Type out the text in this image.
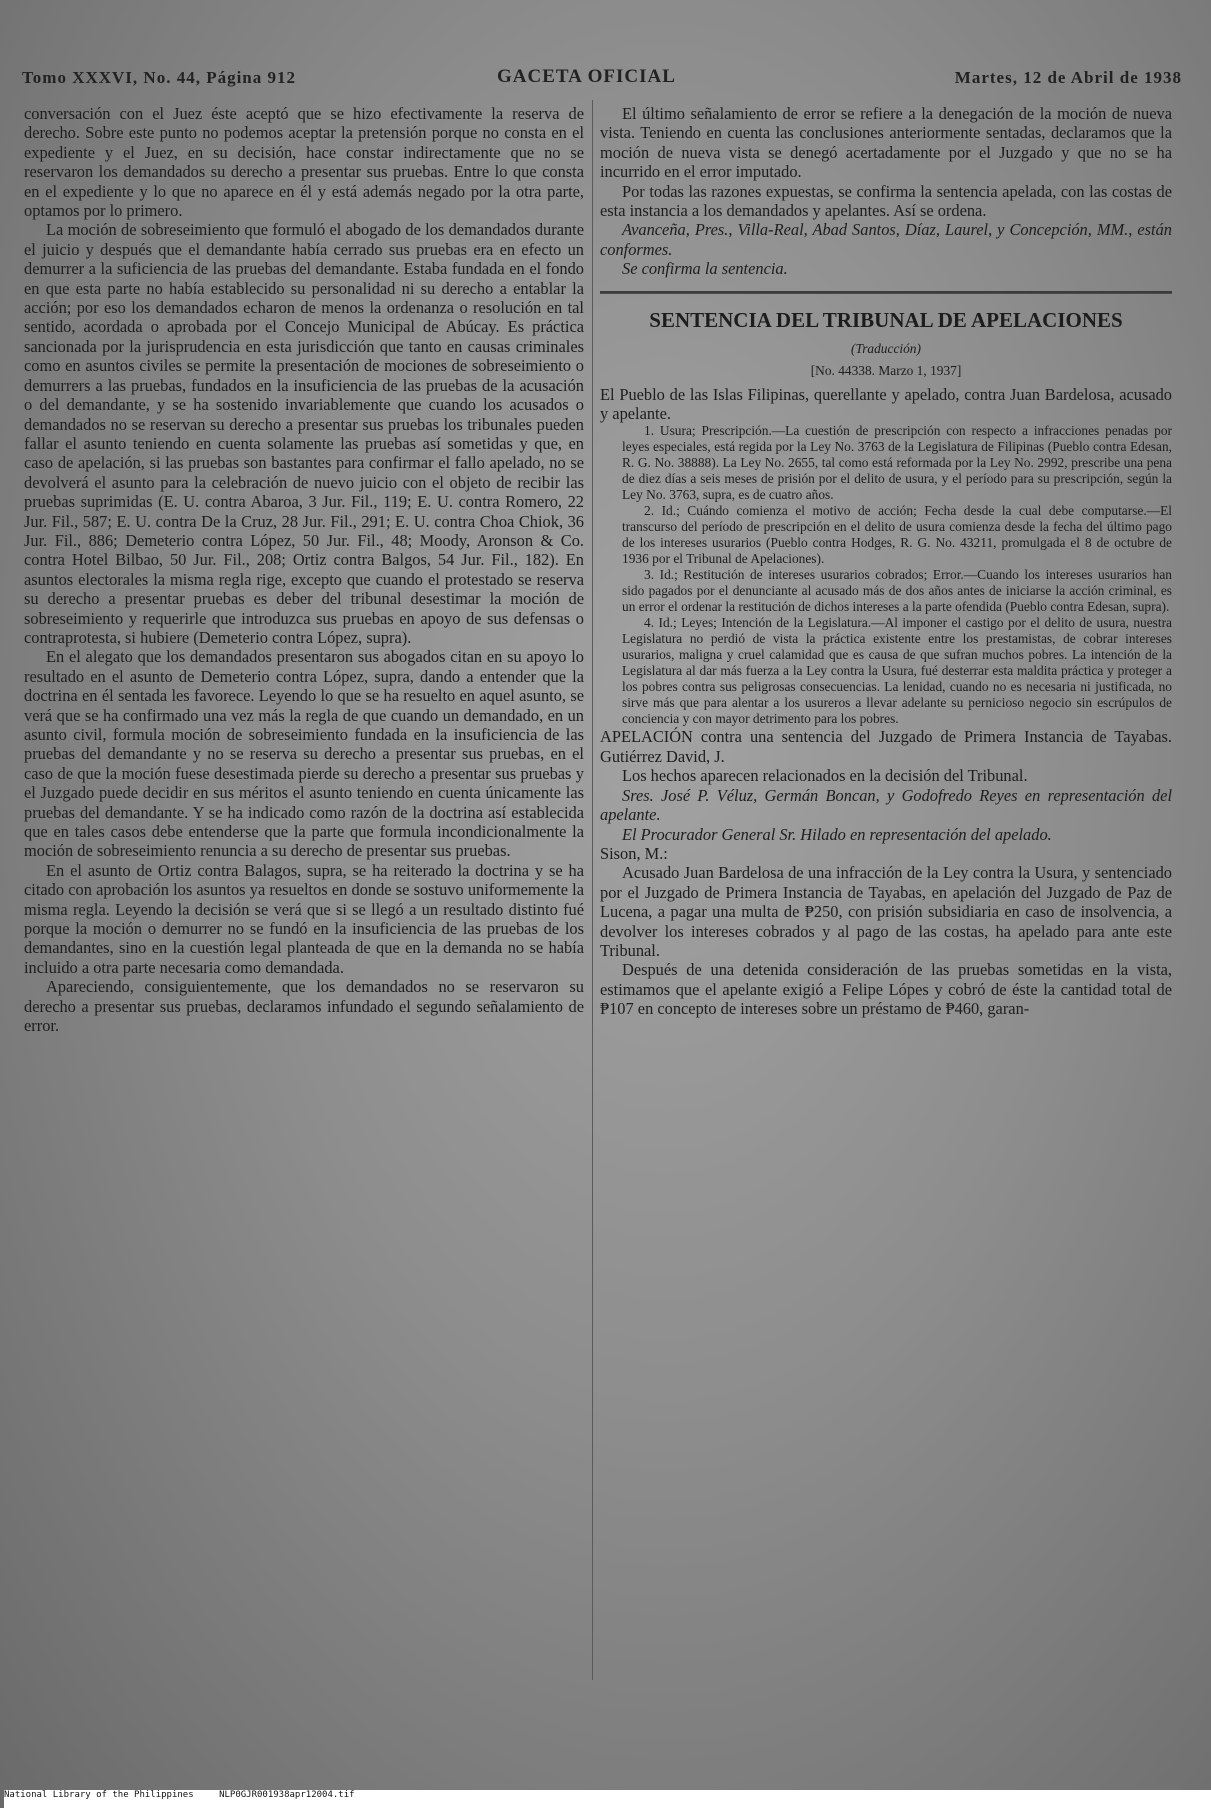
Tomo XXXVI, No. 44, Página 912	GACETA OFICIAL	Martes, 12 de Abril de 1938

conversación con el Juez éste aceptó que se hizo efectivamente la reserva de derecho. Sobre este punto no podemos aceptar la pretensión porque no consta en el expediente y el Juez, en su decisión, hace constar indirectamente que no se reservaron los demandados su derecho a presentar sus pruebas. Entre lo que consta en el expediente y lo que no aparece en él y está además negado por la otra parte, optamos por lo primero.

La moción de sobreseimiento que formuló el abogado de los demandados durante el juicio y después que el demandante había cerrado sus pruebas era en efecto un demurrer a la suficiencia de las pruebas del demandante. Estaba fundada en el fondo en que esta parte no había establecido su personalidad ni su derecho a entablar la acción; por eso los demandados echaron de menos la ordenanza o resolución en tal sentido, acordada o aprobada por el Concejo Municipal de Abúcay. Es práctica sancionada por la jurisprudencia en esta jurisdicción que tanto en causas criminales como en asuntos civiles se permite la presentación de mociones de sobreseimiento o demurrers a las pruebas, fundados en la insuficiencia de las pruebas de la acusación o del demandante, y se ha sostenido invariablemente que cuando los acusados o demandados no se reservan su derecho a presentar sus pruebas los tribunales pueden fallar el asunto teniendo en cuenta solamente las pruebas así sometidas y que, en caso de apelación, si las pruebas son bastantes para confirmar el fallo apelado, no se devolverá el asunto para la celebración de nuevo juicio con el objeto de recibir las pruebas suprimidas (E. U. contra Abaroa, 3 Jur. Fil., 119; E. U. contra Romero, 22 Jur. Fil., 587; E. U. contra De la Cruz, 28 Jur. Fil., 291; E. U. contra Choa Chiok, 36 Jur. Fil., 886; Demeterio contra López, 50 Jur. Fil., 48; Moody, Aronson & Co. contra Hotel Bilbao, 50 Jur. Fil., 208; Ortiz contra Balgos, 54 Jur. Fil., 182). En asuntos electorales la misma regla rige, excepto que cuando el protestado se reserva su derecho a presentar pruebas es deber del tribunal desestimar la moción de sobreseimiento y requerirle que introduzca sus pruebas en apoyo de sus defensas o contraprotesta, si hubiere (Demeterio contra López, supra).

En el alegato que los demandados presentaron sus abogados citan en su apoyo lo resultado en el asunto de Demeterio contra López, supra, dando a entender que la doctrina en él sentada les favorece. Leyendo lo que se ha resuelto en aquel asunto, se verá que se ha confirmado una vez más la regla de que cuando un demandado, en un asunto civil, formula moción de sobreseimiento fundada en la insuficiencia de las pruebas del demandante y no se reserva su derecho a presentar sus pruebas, en el caso de que la moción fuese desestimada pierde su derecho a presentar sus pruebas y el Juzgado puede decidir en sus méritos el asunto teniendo en cuenta únicamente las pruebas del demandante. Y se ha indicado como razón de la doctrina así establecida que en tales casos debe entenderse que la parte que formula incondicionalmente la moción de sobreseimiento renuncia a su derecho de presentar sus pruebas.

En el asunto de Ortiz contra Balagos, supra, se ha reiterado la doctrina y se ha citado con aprobación los asuntos ya resueltos en donde se sostuvo uniformemente la misma regla. Leyendo la decisión se verá que si se llegó a un resultado distinto fué porque la moción o demurrer no se fundó en la insuficiencia de las pruebas de los demandantes, sino en la cuestión legal planteada de que en la demanda no se había incluido a otra parte necesaria como demandada.

Apareciendo, consiguientemente, que los demandados no se reservaron su derecho a presentar sus pruebas, declaramos infundado el segundo señalamiento de error.

El último señalamiento de error se refiere a la denegación de la moción de nueva vista. Teniendo en cuenta las conclusiones anteriormente sentadas, declaramos que la moción de nueva vista se denegó acertadamente por el Juzgado y que no se ha incurrido en el error imputado.

Por todas las razones expuestas, se confirma la sentencia apelada, con las costas de esta instancia a los demandados y apelantes. Así se ordena.

Avanceña, Pres., Villa-Real, Abad Santos, Díaz, Laurel, y Concepción, MM., están conformes.

Se confirma la sentencia.

SENTENCIA DEL TRIBUNAL DE APELACIONES
(Traducción)
[No. 44338. Marzo 1, 1937]

El Pueblo de las Islas Filipinas, querellante y apelado, contra Juan Bardelosa, acusado y apelante.

1. Usura; Prescripción.—La cuestión de prescripción con respecto a infracciones penadas por leyes especiales, está regida por la Ley No. 3763 de la Legislatura de Filipinas (Pueblo contra Edesan, R. G. No. 38888). La Ley No. 2655, tal como está reformada por la Ley No. 2992, prescribe una pena de diez días a seis meses de prisión por el delito de usura, y el período para su prescripción, según la Ley No. 3763, supra, es de cuatro años.

2. Id.; Cuándo comienza el motivo de acción; Fecha desde la cual debe computarse.—El transcurso del período de prescripción en el delito de usura comienza desde la fecha del último pago de los intereses usurarios (Pueblo contra Hodges, R. G. No. 43211, promulgada el 8 de octubre de 1936 por el Tribunal de Apelaciones).

3. Id.; Restitución de intereses usurarios cobrados; Error.—Cuando los intereses usurarios han sido pagados por el denunciante al acusado más de dos años antes de iniciarse la acción criminal, es un error el ordenar la restitución de dichos intereses a la parte ofendida (Pueblo contra Edesan, supra).

4. Id.; Leyes; Intención de la Legislatura.—Al imponer el castigo por el delito de usura, nuestra Legislatura no perdió de vista la práctica existente entre los prestamistas, de cobrar intereses usurarios, maligna y cruel calamidad que es causa de que sufran muchos pobres. La intención de la Legislatura al dar más fuerza a la Ley contra la Usura, fué desterrar esta maldita práctica y proteger a los pobres contra sus peligrosas consecuencias. La lenidad, cuando no es necesaria ni justificada, no sirve más que para alentar a los usureros a llevar adelante su pernicioso negocio sin escrúpulos de conciencia y con mayor detrimento para los pobres.

APELACIÓN contra una sentencia del Juzgado de Primera Instancia de Tayabas. Gutiérrez David, J.

Los hechos aparecen relacionados en la decisión del Tribunal.

Sres. José P. Véluz, Germán Boncan, y Godofredo Reyes en representación del apelante.

El Procurador General Sr. Hilado en representación del apelado.

Sison, M.:

Acusado Juan Bardelosa de una infracción de la Ley contra la Usura, y sentenciado por el Juzgado de Primera Instancia de Tayabas, en apelación del Juzgado de Paz de Lucena, a pagar una multa de ₱250, con prisión subsidiaria en caso de insolvencia, a devolver los intereses cobrados y al pago de las costas, ha apelado para ante este Tribunal.

Después de una detenida consideración de las pruebas sometidas en la vista, estimamos que el apelante exigió a Felipe Lópes y cobró de éste la cantidad total de ₱107 en concepto de intereses sobre un préstamo de ₱460, garan-

National Library of the Philippines	NLP0GJR001938apr12004.tif
